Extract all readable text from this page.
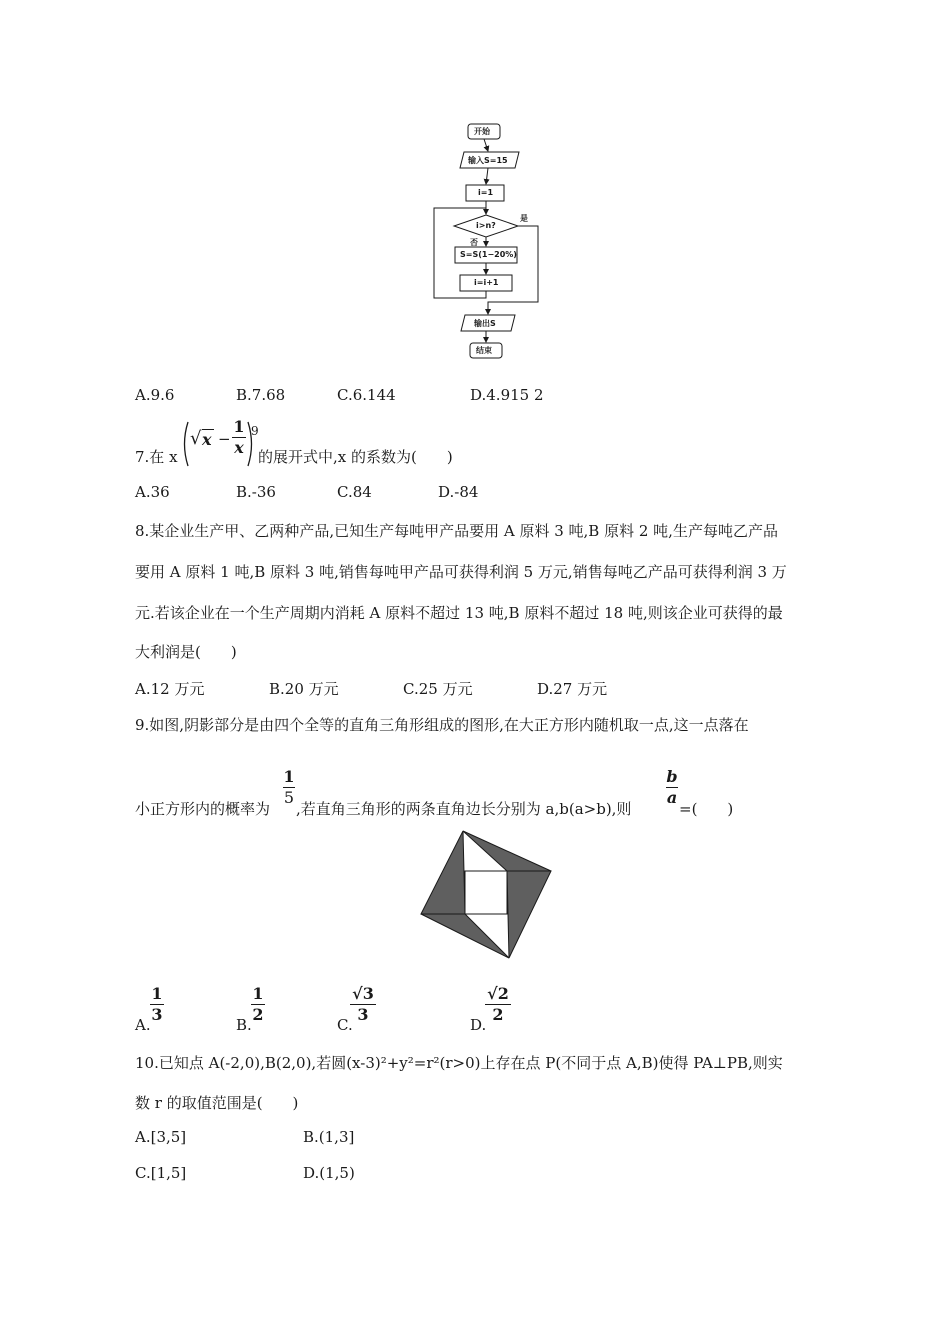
开始
输入S=15
i=1
i>n?
是
否
S=S(1−20%)
i=i+1
输出S
结束
A.9.6	B.7.68	C.6.144	D.4.915 2
7.在 x
√ x −
1
x
9
的展开式中,x 的系数为(　　)
A.36	B.-36	C.84	D.-84
8.某企业生产甲、乙两种产品,已知生产每吨甲产品要用 A 原料 3 吨,B 原料 2 吨,生产每吨乙产品
要用 A 原料 1 吨,B 原料 3 吨,销售每吨甲产品可获得利润 5 万元,销售每吨乙产品可获得利润 3 万
元.若该企业在一个生产周期内消耗 A 原料不超过 13 吨,B 原料不超过 18 吨,则该企业可获得的最
大利润是(　　)
A.12 万元	B.20 万元	C.25 万元	D.27 万元
9.如图,阴影部分是由四个全等的直角三角形组成的图形,在大正方形内随机取一点,这一点落在
小正方形内的概率为
1
5
,若直角三角形的两条直角边长分别为 a,b(a>b),则
b
a
=(　　)
A.
1
3
B.
1
2
C.
√3
3
D.
√2
2
10.已知点 A(-2,0),B(2,0),若圆(x-3)²+y²=r²(r>0)上存在点 P(不同于点 A,B)使得 PA⊥PB,则实
数 r 的取值范围是(　　)
A.[3,5]	B.(1,3]
C.[1,5]	D.(1,5)
